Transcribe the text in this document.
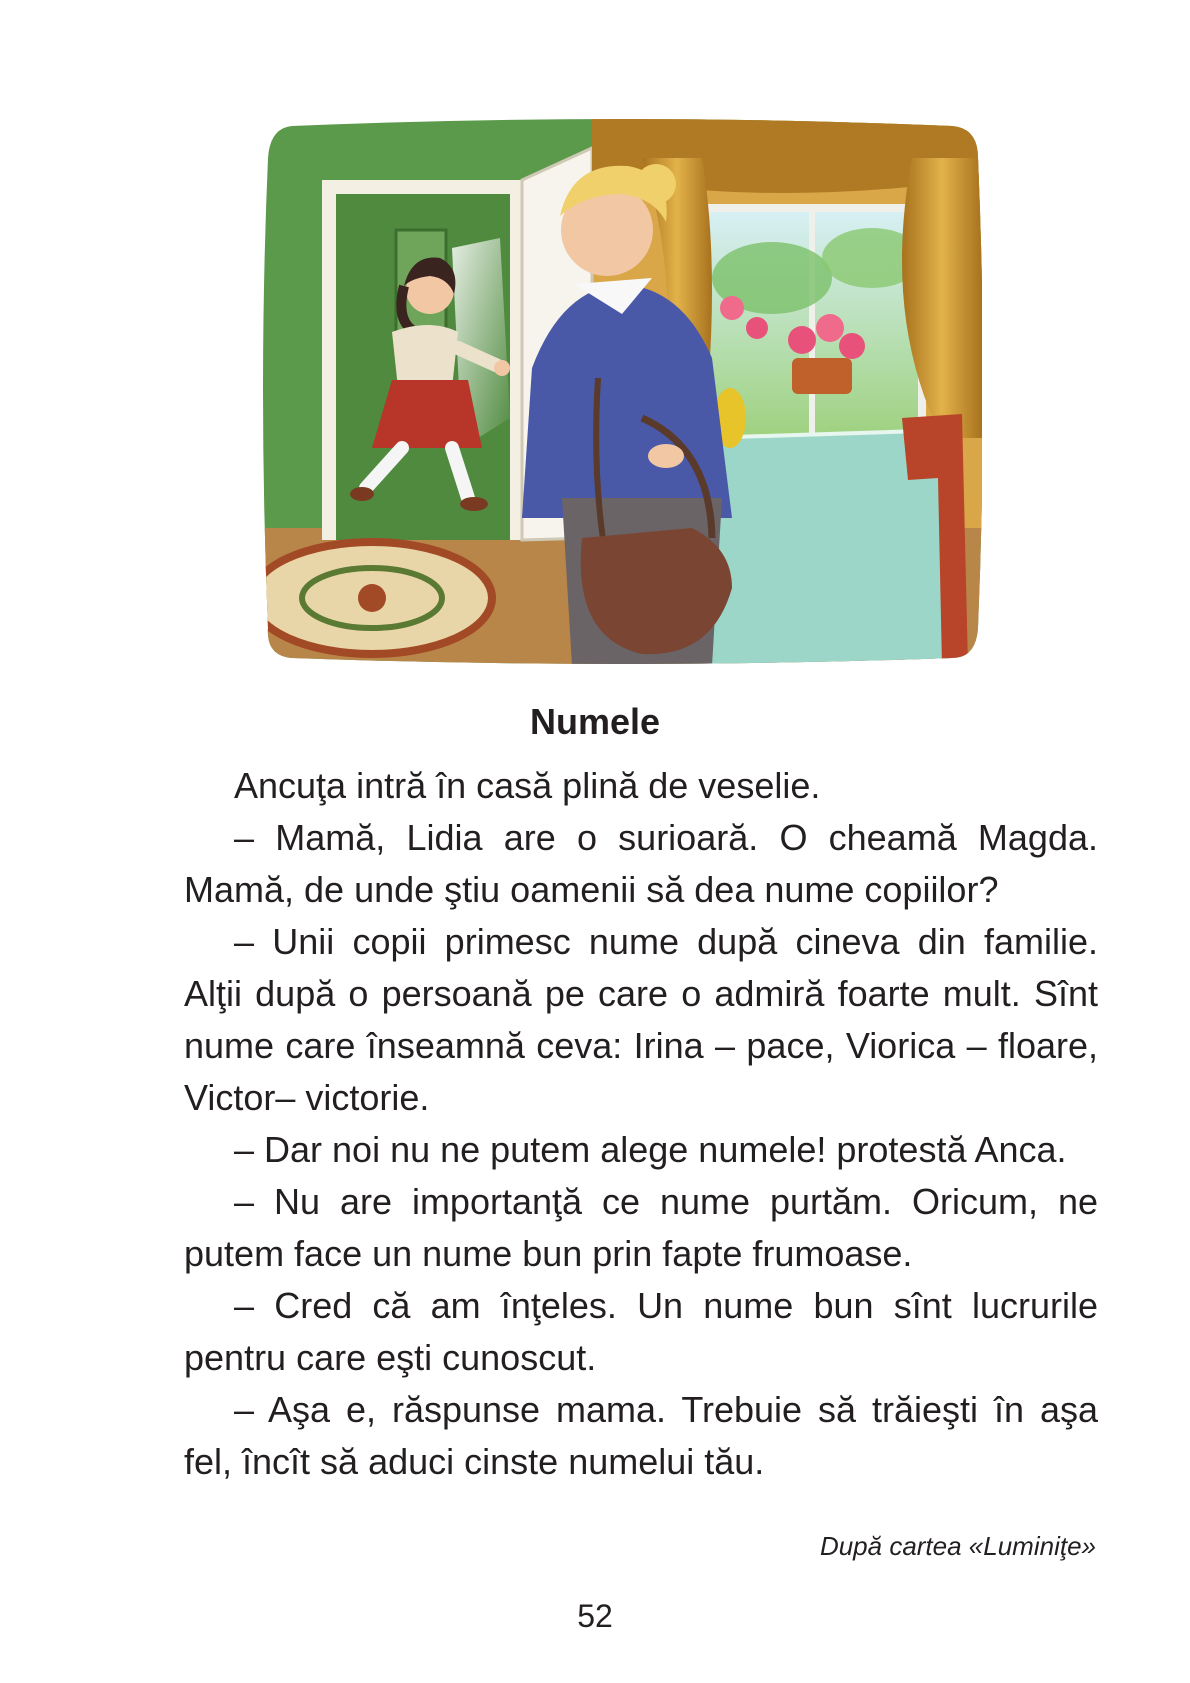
Numele

Ancuţa intră în casă plină de veselie.

– Mamă, Lidia are o surioară. O cheamă Magda. Mamă, de unde ştiu oamenii să dea nume copiilor?

– Unii copii primesc nume după cineva din familie. Alţii după o persoană pe care o admiră foarte mult. Sînt nume care înseamnă ceva: Irina – pace, Viorica – floare, Victor– victorie.

– Dar noi nu ne putem alege numele! protestă Anca.

– Nu are importanţă ce nume purtăm. Oricum, ne putem face un nume bun prin fapte frumoase.

– Cred că am înţeles. Un nume bun sînt lucrurile pentru care eşti cunoscut.

– Aşa e, răspunse mama. Trebuie să trăieşti în aşa fel, încît să aduci cinste numelui tău.

După cartea «Luminiţe»
52
